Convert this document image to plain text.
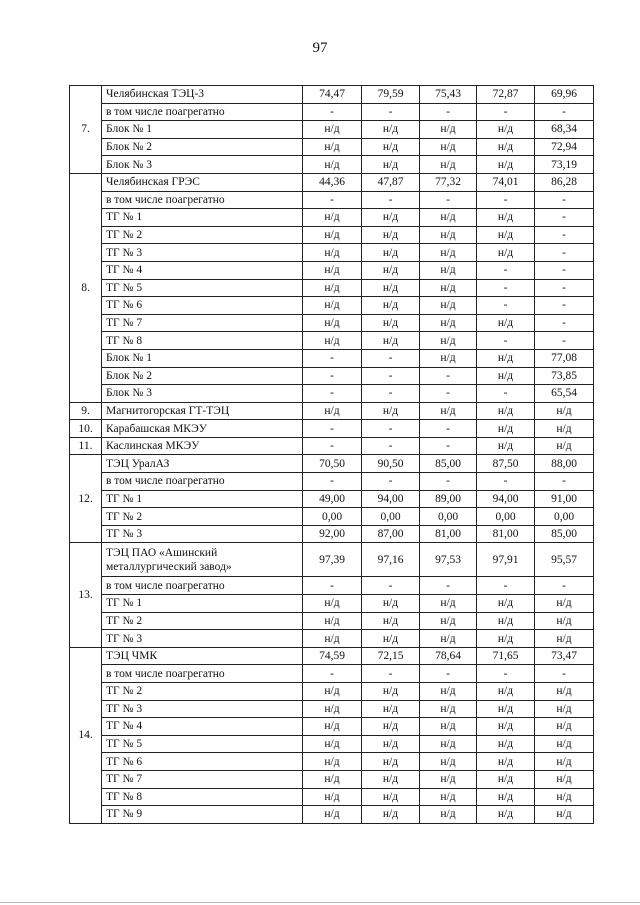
97
7.	Челябинская ТЭЦ-3	74,47	79,59	75,43	72,87	69,96
	в том числе поагрегатно	-	-	-	-	-
	Блок № 1	н/д	н/д	н/д	н/д	68,34
	Блок № 2	н/д	н/д	н/д	н/д	72,94
	Блок № 3	н/д	н/д	н/д	н/д	73,19
8.	Челябинская ГРЭС	44,36	47,87	77,32	74,01	86,28
	в том числе поагрегатно	-	-	-	-	-
	ТГ № 1	н/д	н/д	н/д	н/д	-
	ТГ № 2	н/д	н/д	н/д	н/д	-
	ТГ № 3	н/д	н/д	н/д	н/д	-
	ТГ № 4	н/д	н/д	н/д	-	-
	ТГ № 5	н/д	н/д	н/д	-	-
	ТГ № 6	н/д	н/д	н/д	-	-
	ТГ № 7	н/д	н/д	н/д	н/д	-
	ТГ № 8	н/д	н/д	н/д	-	-
	Блок № 1	-	-	н/д	н/д	77,08
	Блок № 2	-	-	-	н/д	73,85
	Блок № 3	-	-	-	-	65,54
9.	Магнитогорская ГТ-ТЭЦ	н/д	н/д	н/д	н/д	н/д
10.	Карабашская МКЭУ	-	-	-	н/д	н/д
11.	Каслинская МКЭУ	-	-	-	н/д	н/д
12.	ТЭЦ УралАЗ	70,50	90,50	85,00	87,50	88,00
	в том числе поагрегатно	-	-	-	-	-
	ТГ № 1	49,00	94,00	89,00	94,00	91,00
	ТГ № 2	0,00	0,00	0,00	0,00	0,00
	ТГ № 3	92,00	87,00	81,00	81,00	85,00
13.	ТЭЦ ПАО «Ашинский металлургический завод»	97,39	97,16	97,53	97,91	95,57
	в том числе поагрегатно	-	-	-	-	-
	ТГ № 1	н/д	н/д	н/д	н/д	н/д
	ТГ № 2	н/д	н/д	н/д	н/д	н/д
	ТГ № 3	н/д	н/д	н/д	н/д	н/д
14.	ТЭЦ ЧМК	74,59	72,15	78,64	71,65	73,47
	в том числе поагрегатно	-	-	-	-	-
	ТГ № 2	н/д	н/д	н/д	н/д	н/д
	ТГ № 3	н/д	н/д	н/д	н/д	н/д
	ТГ № 4	н/д	н/д	н/д	н/д	н/д
	ТГ № 5	н/д	н/д	н/д	н/д	н/д
	ТГ № 6	н/д	н/д	н/д	н/д	н/д
	ТГ № 7	н/д	н/д	н/д	н/д	н/д
	ТГ № 8	н/д	н/д	н/д	н/д	н/д
	ТГ № 9	н/д	н/д	н/д	н/д	н/д
